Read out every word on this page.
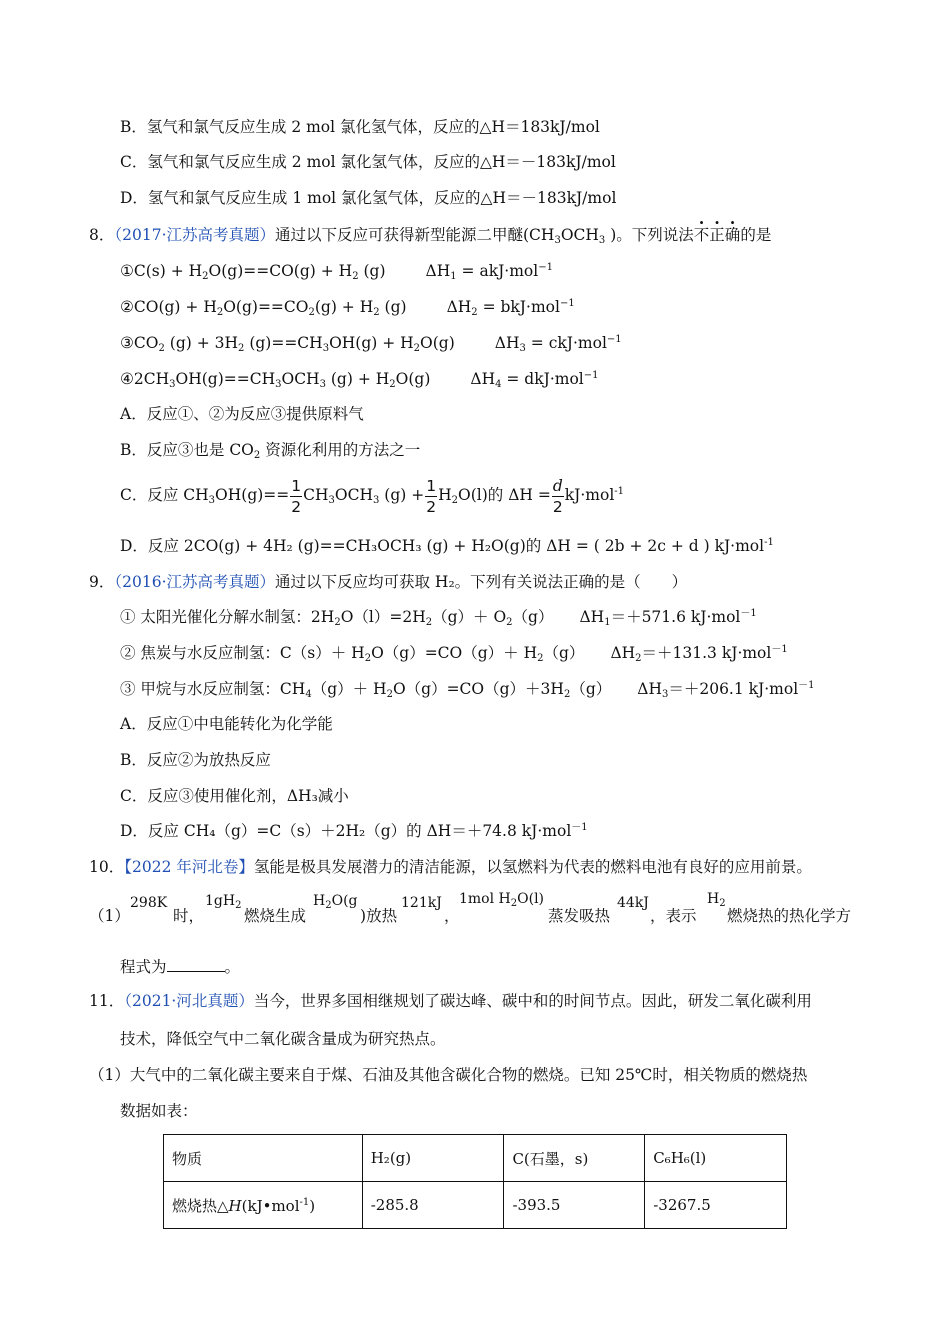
B．氢气和氯气反应生成 2 mol 氯化氢气体，反应的△H＝183kJ/mol
C．氢气和氯气反应生成 2 mol 氯化氢气体，反应的△H＝－183kJ/mol
D．氢气和氯气反应生成 1 mol 氯化氢气体，反应的△H＝－183kJ/mol
8．（2017·江苏高考真题）通过以下反应可获得新型能源二甲醚($CH_3OCH_3$ )。下列说法不正确的是
①C(s) + $H_2O(g)==CO(g) + H_2$ (g)	$\Delta H_1 = akJ\cdot mol^{-1}$
②CO(g) + $H_2O(g)==CO_2(g) + H_2$ (g)	$\Delta H_2 = bkJ\cdot mol^{-1}$
$③CO_2$ $(g) + 3H_2$ $(g)==CH_3OH(g) + H_2O(g)$	$\Delta H_3 = ckJ\cdot mol^{-1}$
$④2CH_3OH(g)==CH_3OCH_3$ $(g) + H_2O(g)$	$\Delta H_4 = dkJ\cdot mol^{-1}$
A．反应①、②为反应③提供原料气
B．反应③也是 $CO_2$ 资源化利用的方法之一
C．反应 $CH_3OH(g)== \frac{1}{2} CH_3OCH_3$ $(g) + \frac{1}{2} H_2O(l)$的 $\Delta H = \frac{d}{2} kJ\cdot mol^{-1}$
D．反应 2CO(g) + 4H₂ (g)==CH₃OCH₃ (g) + H₂O(g)的 ΔH = ( 2b + 2c + d ) kJ·mol$^{-1}$
9．（2016·江苏高考真题）通过以下反应均可获取 H₂。下列有关说法正确的是（　　）
① 太阳光催化分解水制氢：$2H_2O(l)=2H_2(g)+ O_2(g)$ $\Delta H_1=+571.6$ kJ·mol$^{-1}$
② 焦炭与水反应制氢：$C(s)+ H_2O(g)=CO(g)+ H_2(g)$ $\Delta H_2=+131.3$ kJ·mol$^{-1}$
③ 甲烷与水反应制氢：$CH_4(g)+ H_2O(g)=CO(g)+3H_2(g)$ $\Delta H_3=+206.1$ kJ·mol$^{-1}$
A．反应①中电能转化为化学能
B．反应②为放热反应
C．反应③使用催化剂，ΔH₃减小
D．反应 CH₄（g）=C（s）＋2H₂（g）的 ΔH＝＋74.8 kJ·mol$^{-1}$
10．【2022 年河北卷】氢能是极具发展潜力的清洁能源，以氢燃料为代表的燃料电池有良好的应用前景。
（1）
298K
时，
$1gH_2$
燃烧生成
$H_2O(g$
)放热
121kJ
，
1mol $H_2O(l)$
蒸发吸热
44kJ
，表示
$H_2$
燃烧热的热化学方
程式为	。
11．（2021·河北真题）当今，世界多国相继规划了碳达峰、碳中和的时间节点。因此，研发二氧化碳利用
技术，降低空气中二氧化碳含量成为研究热点。
（1）大气中的二氧化碳主要来自于煤、石油及其他含碳化合物的燃烧。已知 25℃时，相关物质的燃烧热
数据如表：
物质	H₂(g)	C(石墨，s)	C₆H₆(l)
燃烧热△H(kJ•mol$^{-1}$)	-285.8	-393.5	-3267.5
